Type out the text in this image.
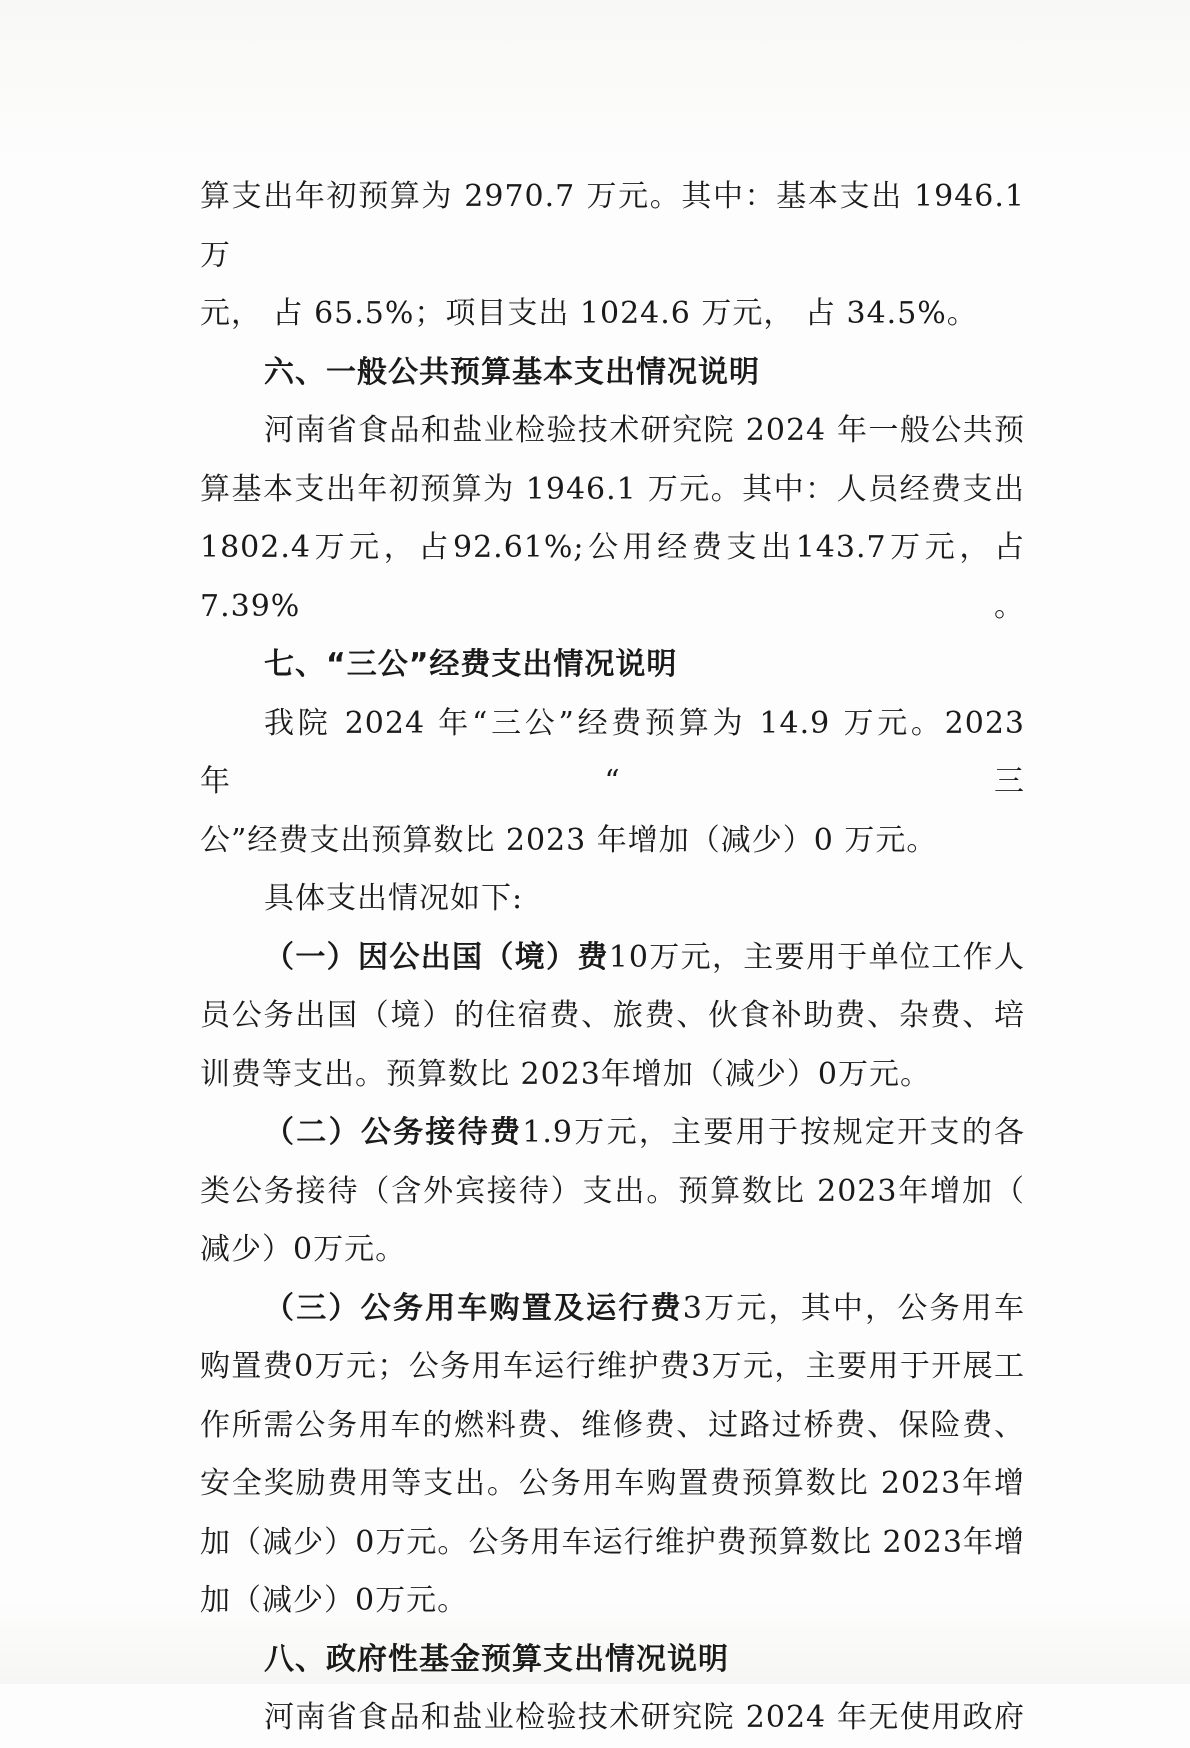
算支出年初预算为 2970.7 万元。其中：基本支出 1946.1 万

元， 占 65.5%；项目支出 1024.6 万元， 占 34.5%。

六、一般公共预算基本支出情况说明

河南省食品和盐业检验技术研究院 2024 年一般公共预

算基本支出年初预算为 1946.1 万元。其中：人员经费支出

1802.4万元，占92.61%;公用经费支出143.7万元，占7.39%。

七、“三公”经费支出情况说明

我院 2024 年“三公”经费预算为 14.9 万元。2023 年“三

公”经费支出预算数比 2023 年增加（减少）0 万元。

具体支出情况如下:

（一）因公出国（境）费10万元，主要用于单位工作人

员公务出国（境）的住宿费、旅费、伙食补助费、杂费、培

训费等支出。预算数比 2023年增加（减少）0万元。

（二）公务接待费1.9万元，主要用于按规定开支的各

类公务接待（含外宾接待）支出。预算数比 2023年增加（

减少）0万元。

（三）公务用车购置及运行费3万元，其中，公务用车

购置费0万元；公务用车运行维护费3万元，主要用于开展工

作所需公务用车的燃料费、维修费、过路过桥费、保险费、

安全奖励费用等支出。公务用车购置费预算数比 2023年增

加（减少）0万元。公务用车运行维护费预算数比 2023年增

加（减少）0万元。

八、政府性基金预算支出情况说明

河南省食品和盐业检验技术研究院 2024 年无使用政府
